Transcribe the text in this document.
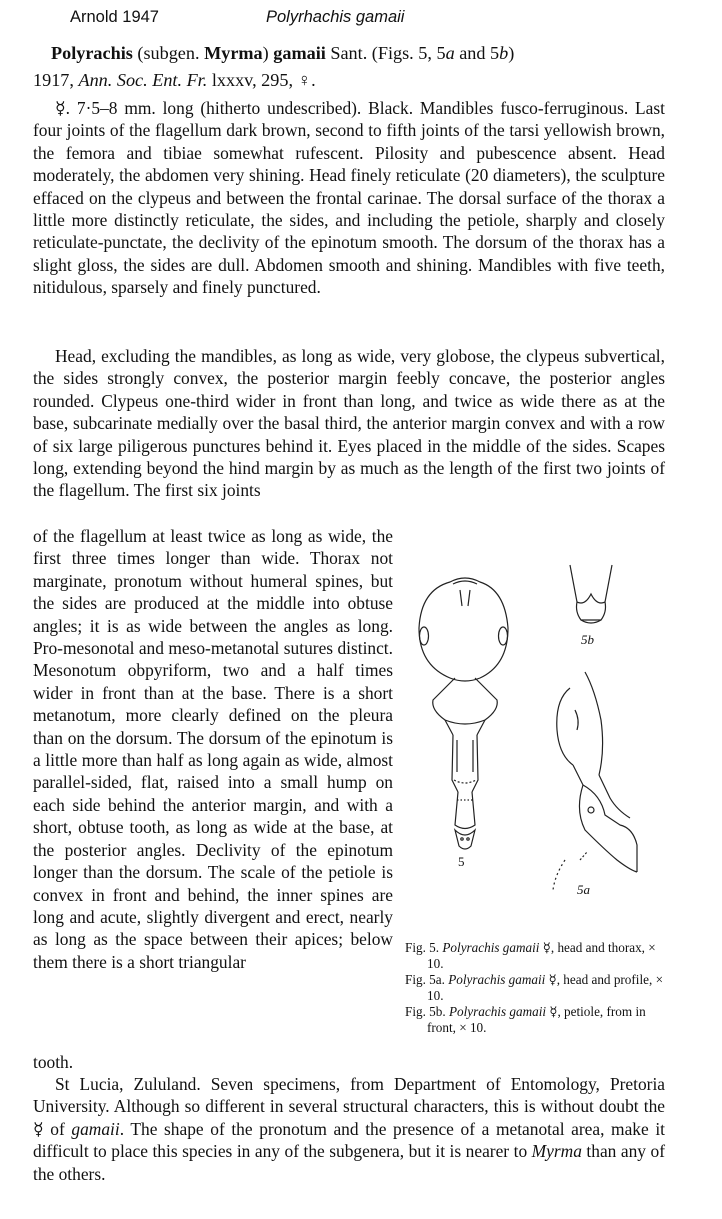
Arnold 1947	Polyrhachis gamaii
Polyrachis (subgen. Myrma) gamaii Sant. (Figs. 5, 5a and 5b)
1917, Ann. Soc. Ent. Fr. lxxxv, 295, ♀.
☿. 7·5–8 mm. long (hitherto undescribed). Black. Mandibles fusco-ferruginous. Last four joints of the flagellum dark brown, second to fifth joints of the tarsi yellowish brown, the femora and tibiae somewhat rufescent. Pilosity and pubescence absent. Head moderately, the abdomen very shining. Head finely reticulate (20 diameters), the sculpture effaced on the clypeus and between the frontal carinae. The dorsal surface of the thorax a little more distinctly reticulate, the sides, and including the petiole, sharply and closely reticulate-punctate, the declivity of the epinotum smooth. The dorsum of the thorax has a slight gloss, the sides are dull. Abdomen smooth and shining. Mandibles with five teeth, nitidulous, sparsely and finely punctured.
Head, excluding the mandibles, as long as wide, very globose, the clypeus subvertical, the sides strongly convex, the posterior margin feebly concave, the posterior angles rounded. Clypeus one-third wider in front than long, and twice as wide there as at the base, subcarinate medially over the basal third, the anterior margin convex and with a row of six large piligerous punctures behind it. Eyes placed in the middle of the sides. Scapes long, extending beyond the hind margin by as much as the length of the first two joints of the flagellum. The first six joints
of the flagellum at least twice as long as wide, the first three times longer than wide. Thorax not marginate, pronotum without humeral spines, but the sides are produced at the middle into obtuse angles; it is as wide between the angles as long. Pro-mesonotal and meso-metanotal sutures distinct. Mesonotum obpyriform, two and a half times wider in front than at the base. There is a short metanotum, more clearly defined on the pleura than on the dorsum. The dorsum of the epinotum is a little more than half as long again as wide, almost parallel-sided, flat, raised into a small hump on each side behind the anterior margin, and with a short, obtuse tooth, as long as wide at the base, at the posterior angles. Declivity of the epinotum longer than the dorsum. The scale of the petiole is convex in front and behind, the inner spines are long and acute, slightly divergent and erect, nearly as long as the space between their apices; below them there is a short triangular
tooth.
St Lucia, Zululand. Seven specimens, from Department of Entomology, Pretoria University. Although so different in several structural characters, this is without doubt the ☿ of gamaii. The shape of the pronotum and the presence of a metanotal area, make it difficult to place this species in any of the subgenera, but it is nearer to Myrma than any of the others.
5
5a
5b
Fig. 5. Polyrachis gamaii ☿, head and thorax, × 10.
Fig. 5a. Polyrachis gamaii ☿, head and profile, × 10.
Fig. 5b. Polyrachis gamaii ☿, petiole, from in front, × 10.
